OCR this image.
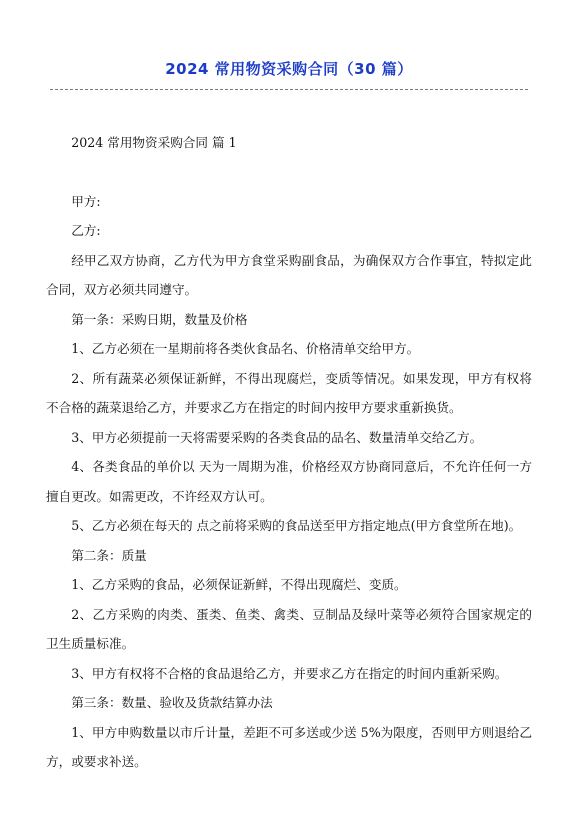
2024 常用物资采购合同（30 篇）

2024 常用物资采购合同 篇 1

甲方:

乙方:

经甲乙双方协商，乙方代为甲方食堂采购副食品，为确保双方合作事宜，特拟定此合同，双方必须共同遵守。

第一条：采购日期，数量及价格

1、乙方必须在一星期前将各类伙食品名、价格清单交给甲方。

2、所有蔬菜必须保证新鲜，不得出现腐烂，变质等情况。如果发现，甲方有权将不合格的蔬菜退给乙方，并要求乙方在指定的时间内按甲方要求重新换货。

3、甲方必须提前一天将需要采购的各类食品的品名、数量清单交给乙方。

4、各类食品的单价以 天为一周期为准，价格经双方协商同意后，不允许任何一方擅自更改。如需更改，不许经双方认可。

5、乙方必须在每天的 点之前将采购的食品送至甲方指定地点(甲方食堂所在地)。

第二条：质量

1、乙方采购的食品，必须保证新鲜，不得出现腐烂、变质。

2、乙方采购的肉类、蛋类、鱼类、禽类、豆制品及绿叶菜等必须符合国家规定的卫生质量标准。

3、甲方有权将不合格的食品退给乙方，并要求乙方在指定的时间内重新采购。

第三条：数量、验收及货款结算办法

1、甲方申购数量以市斤计量，差距不可多送或少送 5%为限度，否则甲方则退给乙方，或要求补送。
